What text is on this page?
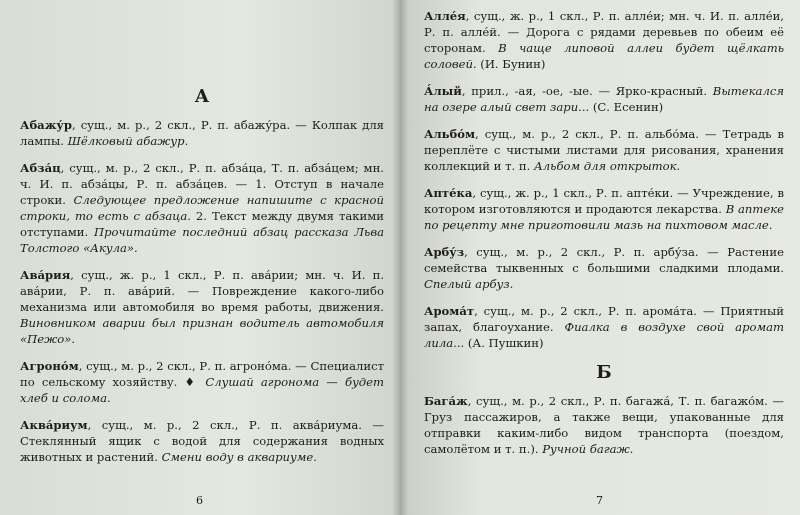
А

Абажу́р, сущ., м. р., 2 скл., Р. п. абажу́ра. — Колпак для лампы. Шёлковый абажур.

Абза́ц, сущ., м. р., 2 скл., Р. п. абза́ца, Т. п. абза́цем; мн. ч. И. п. абза́цы, Р. п. абза́цев. — 1. Отступ в начале строки. Следующее предложение напишите с красной строки, то есть с абзаца. 2. Текст между двумя такими отступами. Прочитайте последний абзац рассказа Льва Толстого «Акула».

Ава́рия, сущ., ж. р., 1 скл., Р. п. ава́рии; мн. ч. И. п. ава́рии, Р. п. ава́рий. — Повреждение какого-либо механизма или автомобиля во время работы, движения. Виновником аварии был признан водитель автомобиля «Пежо».

Агроно́м, сущ., м. р., 2 скл., Р. п. агроно́ма. — Специалист по сельскому хозяйству. ♦ Слушай агронома — будет хлеб и солома.

Аква́риум, сущ., м. р., 2 скл., Р. п. аква́риума. — Стеклянный ящик с водой для содержания водных животных и растений. Смени воду в аквариуме.

6

Алле́я, сущ., ж. р., 1 скл., Р. п. алле́и; мн. ч. И. п. алле́и, Р. п. алле́й. — Дорога с рядами деревьев по обеим её сторонам. В чаще липовой аллеи будет щёлкать соловей. (И. Бунин)

А́лый, прил., -ая, -ое, -ые. — Ярко-красный. Вытекался на озере алый свет зари... (С. Есенин)

Альбо́м, сущ., м. р., 2 скл., Р. п. альбо́ма. — Тетрадь в переплёте с чистыми листами для рисования, хранения коллекций и т. п. Альбом для открыток.

Апте́ка, сущ., ж. р., 1 скл., Р. п. апте́ки. — Учреждение, в котором изготовляются и продаются лекарства. В аптеке по рецепту мне приготовили мазь на пихтовом масле.

Арбу́з, сущ., м. р., 2 скл., Р. п. арбу́за. — Растение семейства тыквенных с большими сладкими плодами. Спелый арбуз.

Арома́т, сущ., м. р., 2 скл., Р. п. арома́та. — Приятный запах, благоухание. Фиалка в воздухе свой аромат лила... (А. Пушкин)

Б

Бага́ж, сущ., м. р., 2 скл., Р. п. багажа́, Т. п. багажо́м. — Груз пассажиров, а также вещи, упакованные для отправки каким-либо видом транспорта (поездом, самолётом и т. п.). Ручной багаж.

7
